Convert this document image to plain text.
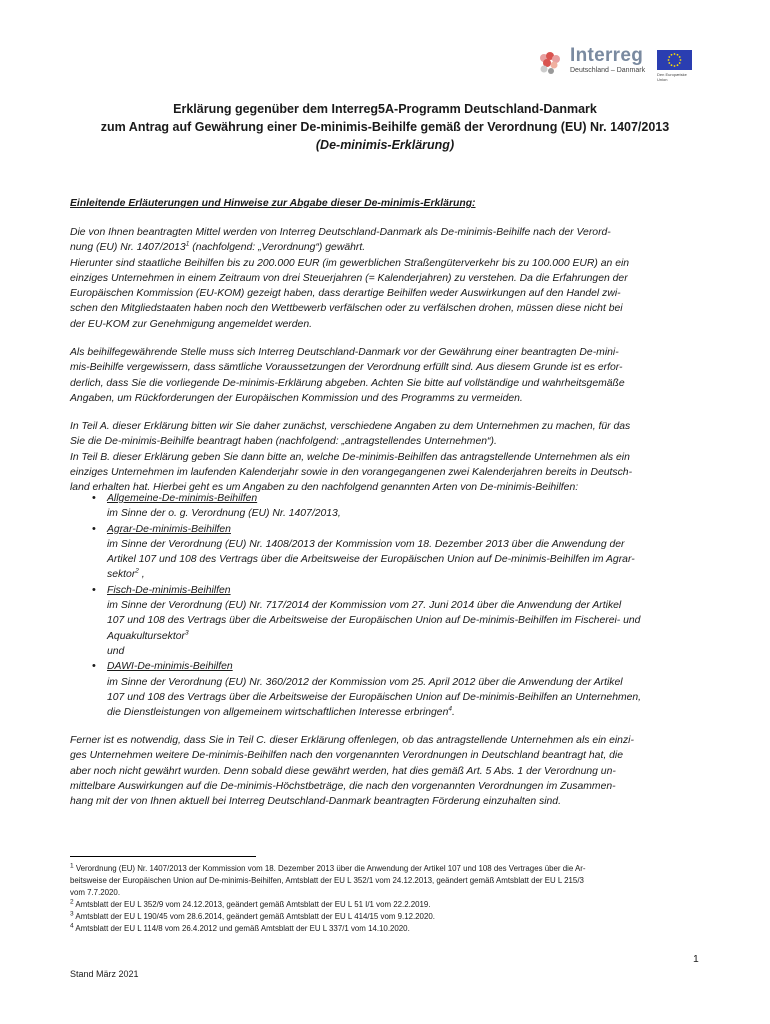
Interreg
Deutschland – Danmark
Den Europæiske Union
Erklärung gegenüber dem Interreg5A-Programm Deutschland-Danmark
zum Antrag auf Gewährung einer De-minimis-Beihilfe gemäß der Verordnung (EU) Nr. 1407/2013
(De-minimis-Erklärung)
Einleitende Erläuterungen und Hinweise zur Abgabe dieser De-minimis-Erklärung:
Die von Ihnen beantragten Mittel werden von Interreg Deutschland-Danmark als De-minimis-Beihilfe nach der Verord-
nung (EU) Nr. 1407/2013$^1$ (nachfolgend: „Verordnung“) gewährt.
Hierunter sind staatliche Beihilfen bis zu 200.000 EUR (im gewerblichen Straßengüterverkehr bis zu 100.000 EUR) an ein
einziges Unternehmen in einem Zeitraum von drei Steuerjahren (= Kalenderjahren) zu verstehen. Da die Erfahrungen der
Europäischen Kommission (EU-KOM) gezeigt haben, dass derartige Beihilfen weder Auswirkungen auf den Handel zwi-
schen den Mitgliedstaaten haben noch den Wettbewerb verfälschen oder zu verfälschen drohen, müssen diese nicht bei
der EU-KOM zur Genehmigung angemeldet werden.
Als beihilfegewährende Stelle muss sich Interreg Deutschland-Danmark vor der Gewährung einer beantragten De-mini-
mis-Beihilfe vergewissern, dass sämtliche Voraussetzungen der Verordnung erfüllt sind. Aus diesem Grunde ist es erfor-
derlich, dass Sie die vorliegende De-minimis-Erklärung abgeben. Achten Sie bitte auf vollständige und wahrheitsgemäße
Angaben, um Rückforderungen der Europäischen Kommission und des Programms zu vermeiden.
In Teil A. dieser Erklärung bitten wir Sie daher zunächst, verschiedene Angaben zu dem Unternehmen zu machen, für das
Sie die De-minimis-Beihilfe beantragt haben (nachfolgend: „antragstellendes Unternehmen“).
In Teil B. dieser Erklärung geben Sie dann bitte an, welche De-minimis-Beihilfen das antragstellende Unternehmen als ein
einziges Unternehmen im laufenden Kalenderjahr sowie in den vorangegangenen zwei Kalenderjahren bereits in Deutsch-
land erhalten hat. Hierbei geht es um Angaben zu den nachfolgend genannten Arten von De-minimis-Beihilfen:
• Allgemeine-De-minimis-Beihilfen
im Sinne der o. g. Verordnung (EU) Nr. 1407/2013,
• Agrar-De-minimis-Beihilfen
im Sinne der Verordnung (EU) Nr. 1408/2013 der Kommission vom 18. Dezember 2013 über die Anwendung der
Artikel 107 und 108 des Vertrags über die Arbeitsweise der Europäischen Union auf De-minimis-Beihilfen im Agrar-
sektor$^2$ ,
• Fisch-De-minimis-Beihilfen
im Sinne der Verordnung (EU) Nr. 717/2014 der Kommission vom 27. Juni 2014 über die Anwendung der Artikel
107 und 108 des Vertrags über die Arbeitsweise der Europäischen Union auf De-minimis-Beihilfen im Fischerei- und
Aquakultursektor$^3$
und
• DAWI-De-minimis-Beihilfen
im Sinne der Verordnung (EU) Nr. 360/2012 der Kommission vom 25. April 2012 über die Anwendung der Artikel
107 und 108 des Vertrags über die Arbeitsweise der Europäischen Union auf De-minimis-Beihilfen an Unternehmen,
die Dienstleistungen von allgemeinem wirtschaftlichen Interesse erbringen$^4$.
Ferner ist es notwendig, dass Sie in Teil C. dieser Erklärung offenlegen, ob das antragstellende Unternehmen als ein einzi-
ges Unternehmen weitere De-minimis-Beihilfen nach den vorgenannten Verordnungen in Deutschland beantragt hat, die
aber noch nicht gewährt wurden. Denn sobald diese gewährt werden, hat dies gemäß Art. 5 Abs. 1 der Verordnung un-
mittelbare Auswirkungen auf die De-minimis-Höchstbeträge, die nach den vorgenannten Verordnungen im Zusammen-
hang mit der von Ihnen aktuell bei Interreg Deutschland-Danmark beantragten Förderung einzuhalten sind.
$^1$ Verordnung (EU) Nr. 1407/2013 der Kommission vom 18. Dezember 2013 über die Anwendung der Artikel 107 und 108 des Vertrages über die Ar-
beitsweise der Europäischen Union auf De-minimis-Beihilfen, Amtsblatt der EU L 352/1 vom 24.12.2013, geändert gemäß Amtsblatt der EU L 215/3
vom 7.7.2020.
$^2$ Amtsblatt der EU L 352/9 vom 24.12.2013, geändert gemäß Amtsblatt der EU L 51 I/1 vom 22.2.2019.
$^3$ Amtsblatt der EU L 190/45 vom 28.6.2014, geändert gemäß Amtsblatt der EU L 414/15 vom 9.12.2020.
$^4$ Amtsblatt der EU L 114/8 vom 26.4.2012 und gemäß Amtsblatt der EU L 337/1 vom 14.10.2020.
1
Stand März 2021
